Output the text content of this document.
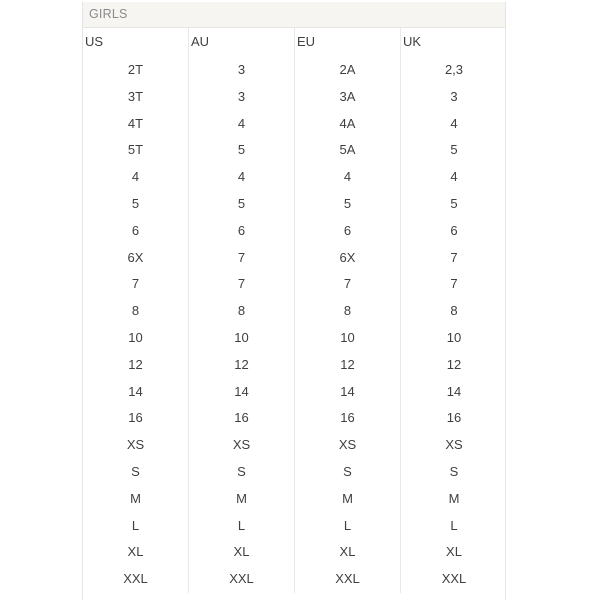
GIRLS
US	AU	EU	UK
2T	3	2A	2,3
3T	3	3A	3
4T	4	4A	4
5T	5	5A	5
4	4	4	4
5	5	5	5
6	6	6	6
6X	7	6X	7
7	7	7	7
8	8	8	8
10	10	10	10
12	12	12	12
14	14	14	14
16	16	16	16
XS	XS	XS	XS
S	S	S	S
M	M	M	M
L	L	L	L
XL	XL	XL	XL
XXL	XXL	XXL	XXL
